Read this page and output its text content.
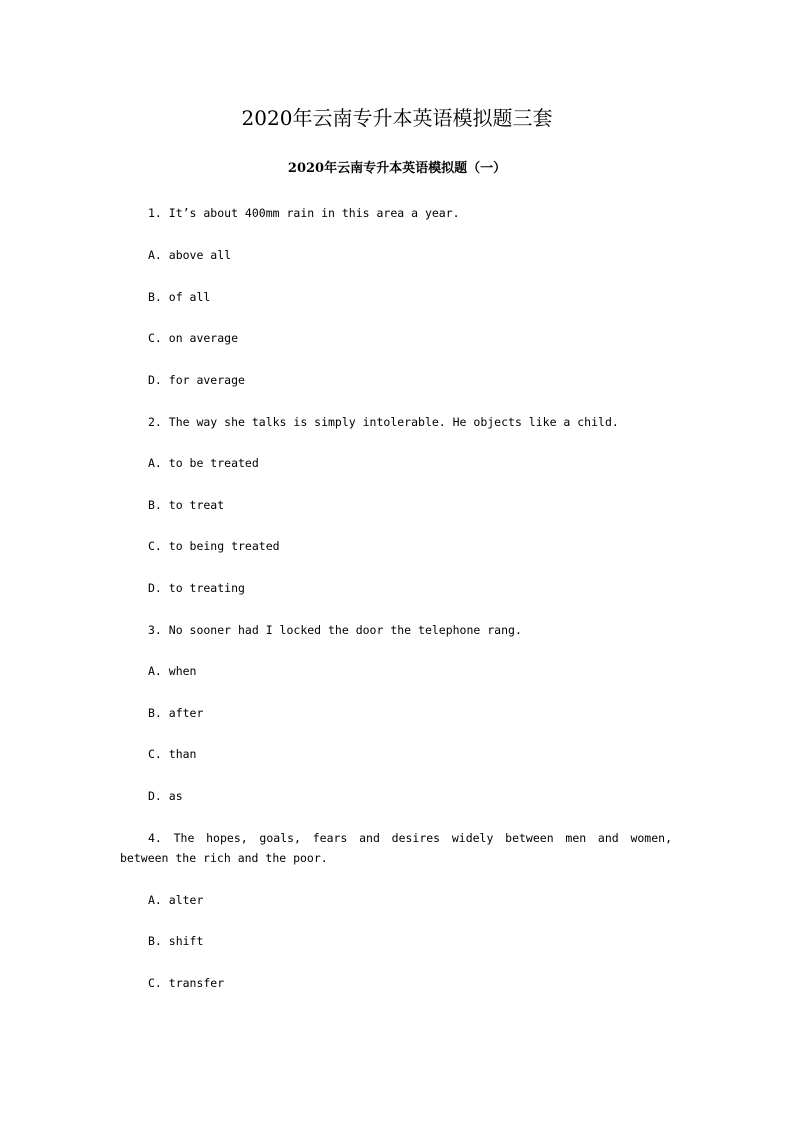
2020年云南专升本英语模拟题三套
2020年云南专升本英语模拟题（一）

1. It’s about 400mm rain in this area a year.

A. above all

B. of all

C. on average

D. for average

2. The way she talks is simply intolerable. He objects like a child.

A. to be treated

B. to treat

C. to being treated

D. to treating

3. No sooner had I locked the door the telephone rang.

A. when

B. after

C. than

D. as

4. The hopes, goals, fears and desires widely between men and women,
between the rich and the poor.

A. alter

B. shift

C. transfer
